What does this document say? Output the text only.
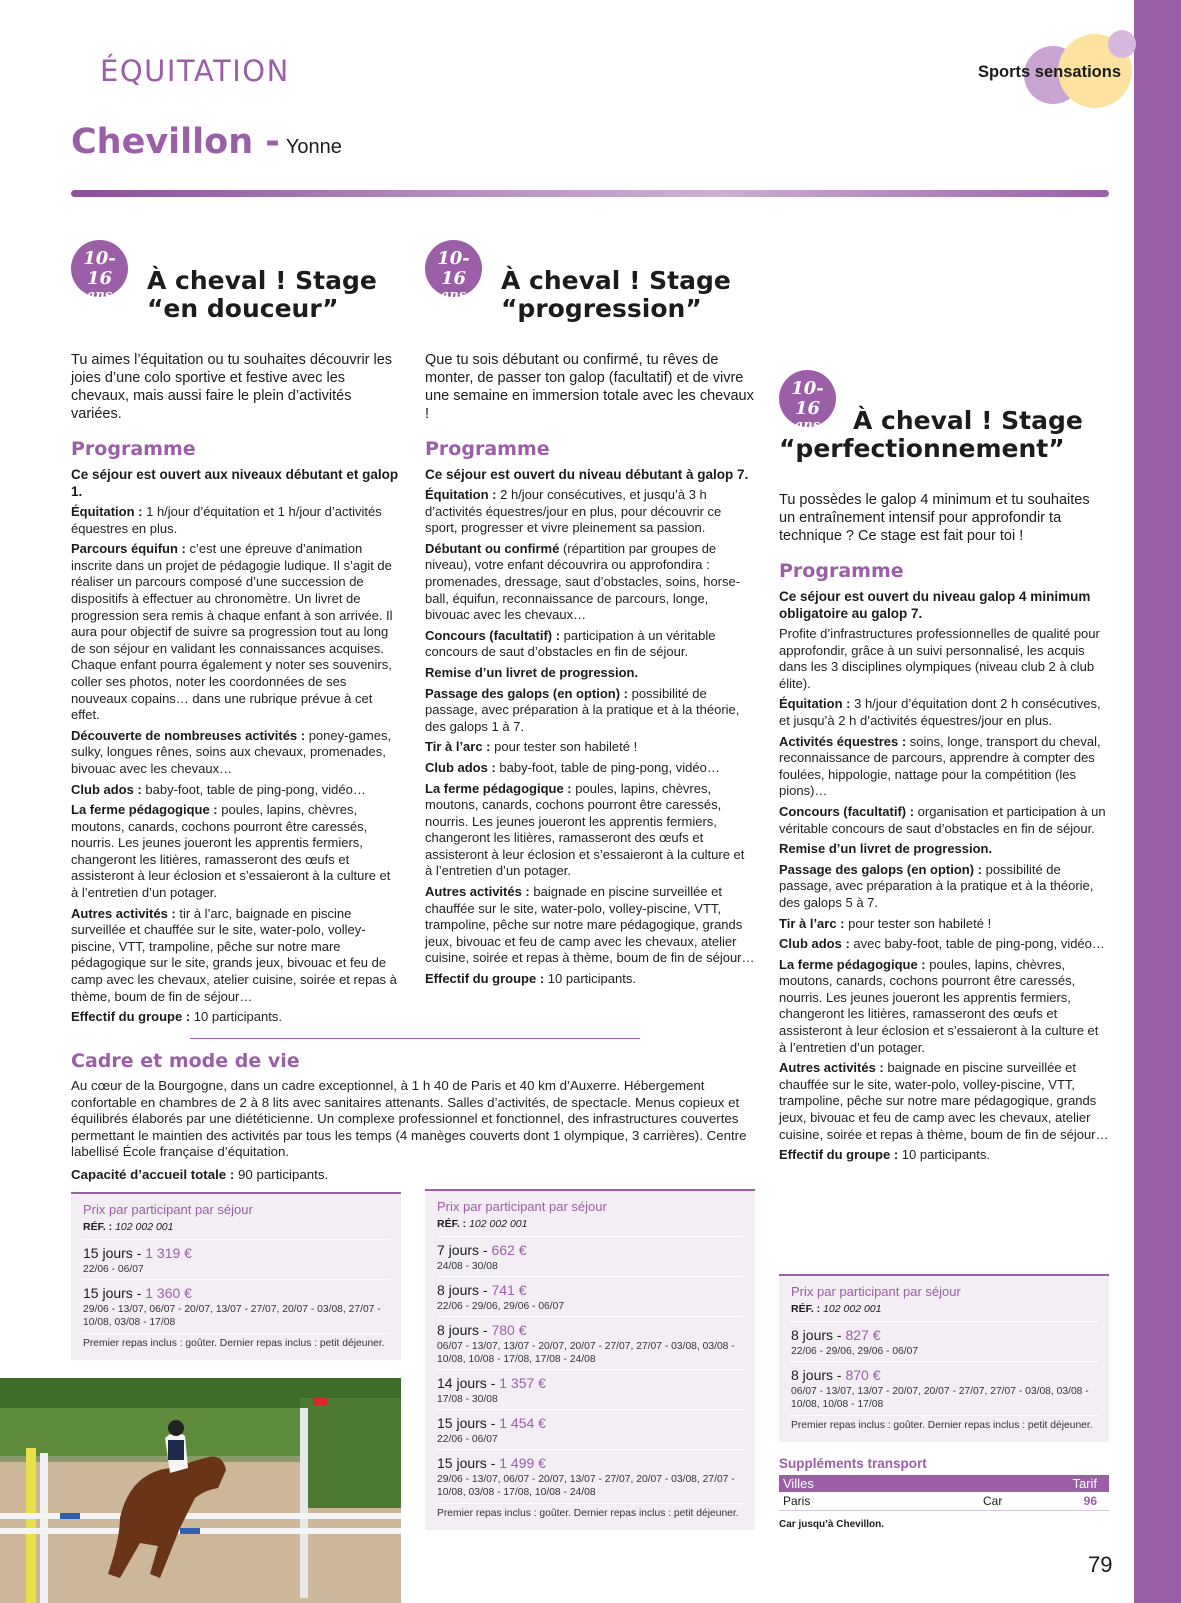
ÉQUITATION	Sports sensations
Chevillon - Yonne
10-16
ans
À cheval ! Stage
“en douceur”
Tu aimes l’équitation ou tu souhaites découvrir les joies d’une colo sportive et festive avec les chevaux, mais aussi faire le plein d’activités variées.
Programme
Ce séjour est ouvert aux niveaux débutant et galop 1.
Équitation : 1 h/jour d’équitation et 1 h/jour d’activités équestres en plus.
Parcours équifun : c’est une épreuve d’animation inscrite dans un projet de pédagogie ludique. Il s’agit de réaliser un parcours composé d’une succession de dispositifs à effectuer au chronomètre. Un livret de progression sera remis à chaque enfant à son arrivée. Il aura pour objectif de suivre sa progression tout au long de son séjour en validant les connaissances acquises. Chaque enfant pourra également y noter ses souvenirs, coller ses photos, noter les coordonnées de ses nouveaux copains… dans une rubrique prévue à cet effet.
Découverte de nombreuses activités : poney-games, sulky, longues rênes, soins aux chevaux, promenades, bivouac avec les chevaux…
Club ados : baby-foot, table de ping-pong, vidéo…
La ferme pédagogique : poules, lapins, chèvres, moutons, canards, cochons pourront être caressés, nourris. Les jeunes joueront les apprentis fermiers, changeront les litières, ramasseront des œufs et assisteront à leur éclosion et s’essaieront à la culture et à l’entretien d’un potager.
Autres activités : tir à l’arc, baignade en piscine surveillée et chauffée sur le site, water-polo, volley-piscine, VTT, trampoline, pêche sur notre mare pédagogique sur le site, grands jeux, bivouac et feu de camp avec les chevaux, atelier cuisine, soirée et repas à thème, boum de fin de séjour…
Effectif du groupe : 10 participants.
10-16
ans
À cheval ! Stage
“progression”
Que tu sois débutant ou confirmé, tu rêves de monter, de passer ton galop (facultatif) et de vivre une semaine en immersion totale avec les chevaux !
Programme
Ce séjour est ouvert du niveau débutant à galop 7.
Équitation : 2 h/jour consécutives, et jusqu’à 3 h d’activités équestres/jour en plus, pour découvrir ce sport, progresser et vivre pleinement sa passion.
Débutant ou confirmé (répartition par groupes de niveau), votre enfant découvrira ou approfondira : promenades, dressage, saut d’obstacles, soins, horse-ball, équifun, reconnaissance de parcours, longe, bivouac avec les chevaux…
Concours (facultatif) : participation à un véritable concours de saut d’obstacles en fin de séjour.
Remise d’un livret de progression.
Passage des galops (en option) : possibilité de passage, avec préparation à la pratique et à la théorie, des galops 1 à 7.
Tir à l’arc : pour tester son habileté !
Club ados : baby-foot, table de ping-pong, vidéo…
La ferme pédagogique : poules, lapins, chèvres, moutons, canards, cochons pourront être caressés, nourris. Les jeunes joueront les apprentis fermiers, changeront les litières, ramasseront des œufs et assisteront à leur éclosion et s’essaieront à la culture et à l’entretien d’un potager.
Autres activités : baignade en piscine surveillée et chauffée sur le site, water-polo, volley-piscine, VTT, trampoline, pêche sur notre mare pédagogique, grands jeux, bivouac et feu de camp avec les chevaux, atelier cuisine, soirée et repas à thème, boum de fin de séjour…
Effectif du groupe : 10 participants.
10-16
ans	À cheval ! Stage
“perfectionnement”
Tu possèdes le galop 4 minimum et tu souhaites un entraînement intensif pour approfondir ta technique ? Ce stage est fait pour toi !
Programme
Ce séjour est ouvert du niveau galop 4 minimum obligatoire au galop 7.
Profite d’infrastructures professionnelles de qualité pour approfondir, grâce à un suivi personnalisé, les acquis dans les 3 disciplines olympiques (niveau club 2 à club élite).
Équitation : 3 h/jour d’équitation dont 2 h consécutives, et jusqu’à 2 h d’activités équestres/jour en plus.
Activités équestres : soins, longe, transport du cheval, reconnaissance de parcours, apprendre à compter des foulées, hippologie, nattage pour la compétition (les pions)…
Concours (facultatif) : organisation et participation à un véritable concours de saut d’obstacles en fin de séjour.
Remise d’un livret de progression.
Passage des galops (en option) : possibilité de passage, avec préparation à la pratique et à la théorie, des galops 5 à 7.
Tir à l’arc : pour tester son habileté !
Club ados : avec baby-foot, table de ping-pong, vidéo…
La ferme pédagogique : poules, lapins, chèvres, moutons, canards, cochons pourront être caressés, nourris. Les jeunes joueront les apprentis fermiers, changeront les litières, ramasseront des œufs et assisteront à leur éclosion et s’essaieront à la culture et à l’entretien d’un potager.
Autres activités : baignade en piscine surveillée et chauffée sur le site, water-polo, volley-piscine, VTT, trampoline, pêche sur notre mare pédagogique, grands jeux, bivouac et feu de camp avec les chevaux, atelier cuisine, soirée et repas à thème, boum de fin de séjour…
Effectif du groupe : 10 participants.
Cadre et mode de vie
Au cœur de la Bourgogne, dans un cadre exceptionnel, à 1 h 40 de Paris et 40 km d’Auxerre. Hébergement confortable en chambres de 2 à 8 lits avec sanitaires attenants. Salles d’activités, de spectacle. Menus copieux et équilibrés élaborés par une diététicienne. Un complexe professionnel et fonctionnel, des infrastructures couvertes permettant le maintien des activités par tous les temps (4 manèges couverts dont 1 olympique, 3 carrières). Centre labellisé École française d’équitation.
Capacité d’accueil totale : 90 participants.
Prix par participant par séjour
RÉF. : 102 002 001
15 jours - 1 319 €
22/06 - 06/07
15 jours - 1 360 €
29/06 - 13/07, 06/07 - 20/07, 13/07 - 27/07, 20/07 - 03/08, 27/07 - 10/08, 03/08 - 17/08
Premier repas inclus : goûter. Dernier repas inclus : petit déjeuner.
Prix par participant par séjour
RÉF. : 102 002 001
7 jours - 662 €
24/08 - 30/08
8 jours - 741 €
22/06 - 29/06, 29/06 - 06/07
8 jours - 780 €
06/07 - 13/07, 13/07 - 20/07, 20/07 - 27/07, 27/07 - 03/08, 03/08 - 10/08, 10/08 - 17/08, 17/08 - 24/08
14 jours - 1 357 €
17/08 - 30/08
15 jours - 1 454 €
22/06 - 06/07
15 jours - 1 499 €
29/06 - 13/07, 06/07 - 20/07, 13/07 - 27/07, 20/07 - 03/08, 27/07 - 10/08, 03/08 - 17/08, 10/08 - 24/08
Premier repas inclus : goûter. Dernier repas inclus : petit déjeuner.
Prix par participant par séjour
RÉF. : 102 002 001
8 jours - 827 €
22/06 - 29/06, 29/06 - 06/07
8 jours - 870 €
06/07 - 13/07, 13/07 - 20/07, 20/07 - 27/07, 27/07 - 03/08, 03/08 - 10/08, 10/08 - 17/08
Premier repas inclus : goûter. Dernier repas inclus : petit déjeuner.
Suppléments transport
Villes	Tarif
Paris	Car	96
Car jusqu’à Chevillon.
79
